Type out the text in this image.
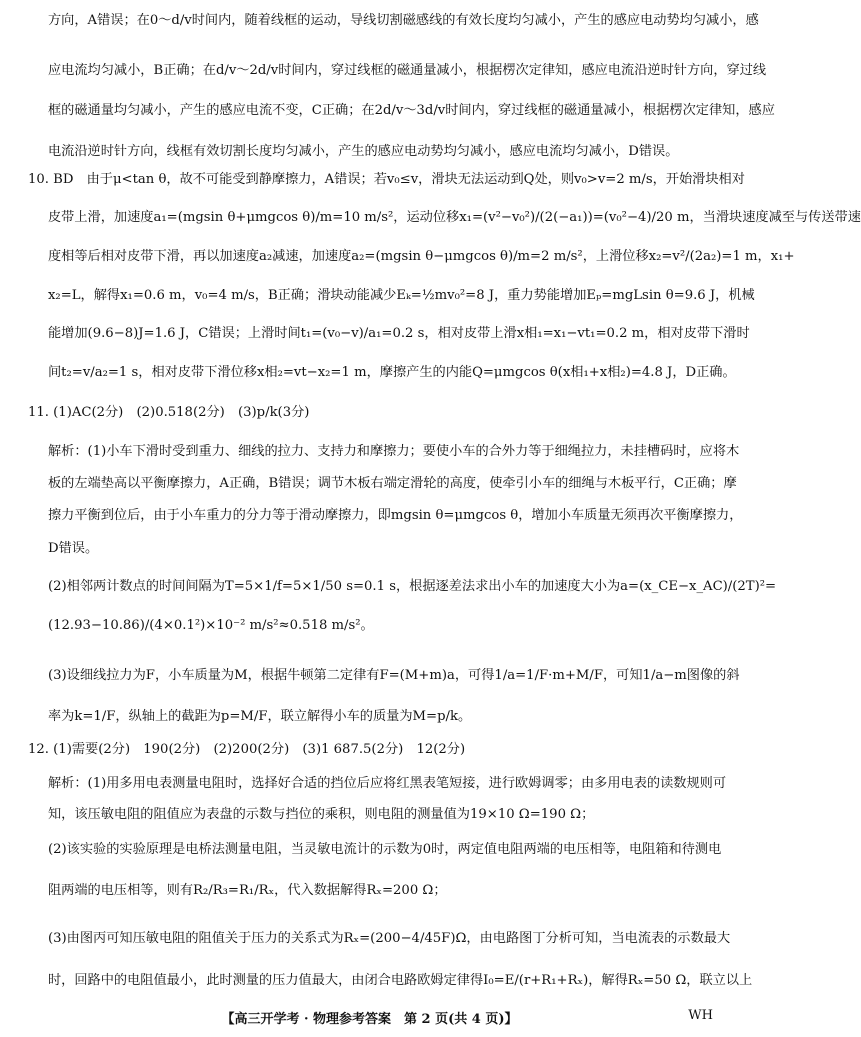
方向，A错误；在0～d/v时间内，随着线框的运动，导线切割磁感线的有效长度均匀减小，产生的感应电动势均匀减小，感
应电流均匀减小，B正确；在d/v～2d/v时间内，穿过线框的磁通量减小，根据楞次定律知，感应电流沿逆时针方向，穿过线
框的磁通量均匀减小，产生的感应电流不变，C正确；在2d/v～3d/v时间内，穿过线框的磁通量减小，根据楞次定律知，感应
电流沿逆时针方向，线框有效切割长度均匀减小，产生的感应电动势均匀减小，感应电流均匀减小，D错误。
10. BD　由于μ<tan θ，故不可能受到静摩擦力，A错误；若v₀≤v，滑块无法运动到Q处，则v₀>v=2 m/s，开始滑块相对
皮带上滑，加速度a₁=(mgsin θ+μmgcos θ)/m=10 m/s²，运动位移x₁=(v²−v₀²)/(2(−a₁))=(v₀²−4)/20 m，当滑块速度减至与传送带速
度相等后相对皮带下滑，再以加速度a₂减速，加速度a₂=(mgsin θ−μmgcos θ)/m=2 m/s²，上滑位移x₂=v²/(2a₂)=1 m，x₁+
x₂=L，解得x₁=0.6 m，v₀=4 m/s，B正确；滑块动能减少Eₖ=½mv₀²=8 J，重力势能增加Eₚ=mgLsin θ=9.6 J，机械
能增加(9.6−8)J=1.6 J，C错误；上滑时间t₁=(v₀−v)/a₁=0.2 s，相对皮带上滑x相₁=x₁−vt₁=0.2 m，相对皮带下滑时
间t₂=v/a₂=1 s，相对皮带下滑位移x相₂=vt−x₂=1 m，摩擦产生的内能Q=μmgcos θ(x相₁+x相₂)=4.8 J，D正确。
11. (1)AC(2分)　(2)0.518(2分)　(3)p/k(3分)
解析：(1)小车下滑时受到重力、细线的拉力、支持力和摩擦力；要使小车的合外力等于细绳拉力，未挂槽码时，应将木
板的左端垫高以平衡摩擦力，A正确，B错误；调节木板右端定滑轮的高度，使牵引小车的细绳与木板平行，C正确；摩
擦力平衡到位后，由于小车重力的分力等于滑动摩擦力，即mgsin θ=μmgcos θ，增加小车质量无须再次平衡摩擦力，
D错误。
(2)相邻两计数点的时间间隔为T=5×1/f=5×1/50 s=0.1 s，根据逐差法求出小车的加速度大小为a=(x_CE−x_AC)/(2T)²=
(12.93−10.86)/(4×0.1²)×10⁻² m/s²≈0.518 m/s²。
(3)设细线拉力为F，小车质量为M，根据牛顿第二定律有F=(M+m)a，可得1/a=1/F·m+M/F，可知1/a−m图像的斜
率为k=1/F，纵轴上的截距为p=M/F，联立解得小车的质量为M=p/k。
12. (1)需要(2分)　190(2分)　(2)200(2分)　(3)1 687.5(2分)　12(2分)
解析：(1)用多用电表测量电阻时，选择好合适的挡位后应将红黑表笔短接，进行欧姆调零；由多用电表的读数规则可
知，该压敏电阻的阻值应为表盘的示数与挡位的乘积，则电阻的测量值为19×10 Ω=190 Ω；
(2)该实验的实验原理是电桥法测量电阻，当灵敏电流计的示数为0时，两定值电阻两端的电压相等，电阻箱和待测电
阻两端的电压相等，则有R₂/R₃=R₁/Rₓ，代入数据解得Rₓ=200 Ω；
(3)由图丙可知压敏电阻的阻值关于压力的关系式为Rₓ=(200−4/45F)Ω，由电路图丁分析可知，当电流表的示数最大
时，回路中的电阻值最小，此时测量的压力值最大，由闭合电路欧姆定律得I₀=E/(r+R₁+Rₓ)，解得Rₓ=50 Ω，联立以上
【高三开学考 · 物理参考答案　第 2 页(共 4 页)】	WH
